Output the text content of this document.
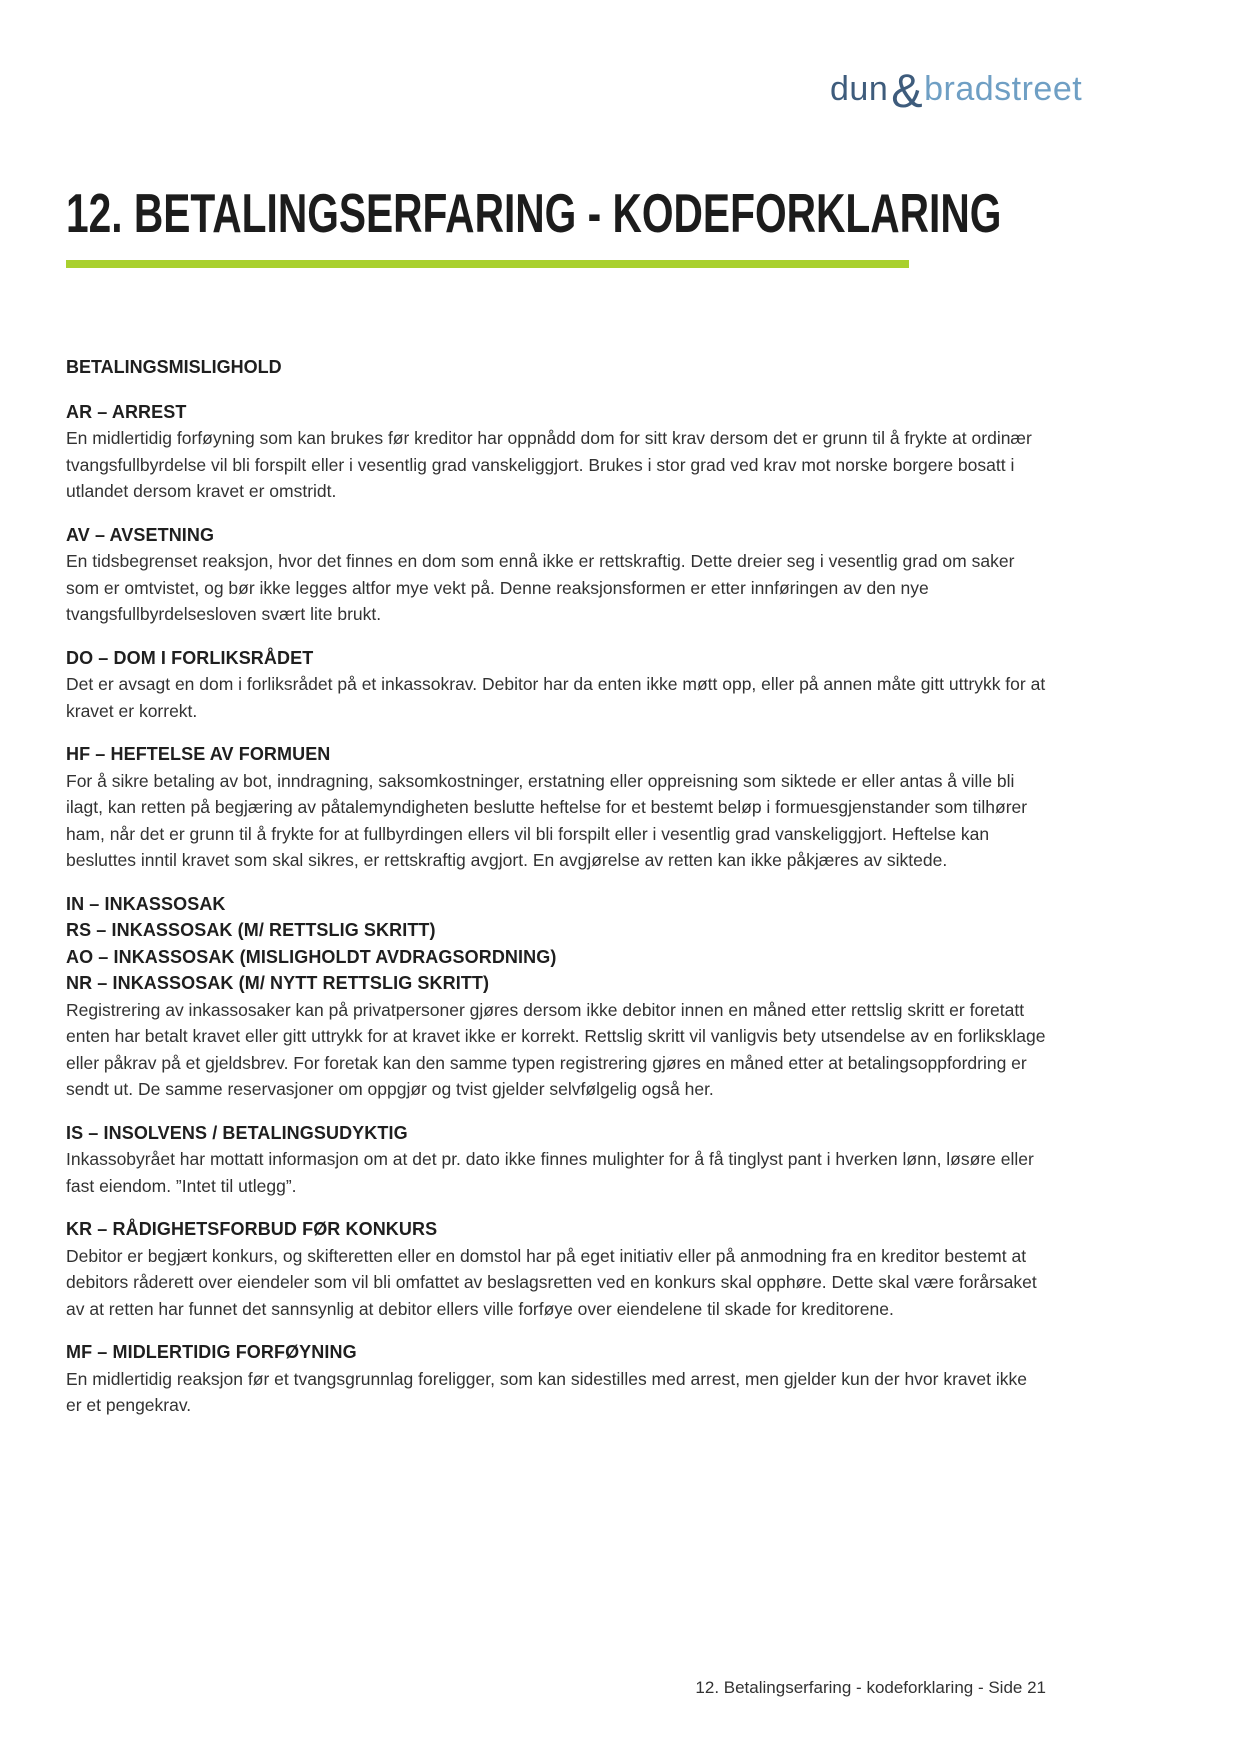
dun&bradstreet
12. BETALINGSERFARING - KODEFORKLARING
BETALINGSMISLIGHOLD
AR – ARREST

En midlertidig forføyning som kan brukes før kreditor har oppnådd dom for sitt krav dersom det er grunn til å frykte at ordinær tvangsfullbyrdelse vil bli forspilt eller i vesentlig grad vanskeliggjort. Brukes i stor grad ved krav mot norske borgere bosatt i utlandet dersom kravet er omstridt.

AV – AVSETNING

En tidsbegrenset reaksjon, hvor det finnes en dom som ennå ikke er rettskraftig. Dette dreier seg i vesentlig grad om saker som er omtvistet, og bør ikke legges altfor mye vekt på. Denne reaksjonsformen er etter innføringen av den nye tvangsfullbyrdelsesloven svært lite brukt.

DO – DOM I FORLIKSRÅDET

Det er avsagt en dom i forliksrådet på et inkassokrav. Debitor har da enten ikke møtt opp, eller på annen måte gitt uttrykk for at kravet er korrekt.

HF – HEFTELSE AV FORMUEN

For å sikre betaling av bot, inndragning, saksomkostninger, erstatning eller oppreisning som siktede er eller antas å ville bli ilagt, kan retten på begjæring av påtalemyndigheten beslutte heftelse for et bestemt beløp i formuesgjenstander som tilhører ham, når det er grunn til å frykte for at fullbyrdingen ellers vil bli forspilt eller i vesentlig grad vanskeliggjort. Heftelse kan besluttes inntil kravet som skal sikres, er rettskraftig avgjort. En avgjørelse av retten kan ikke påkjæres av siktede.

IN – INKASSOSAK
RS – INKASSOSAK (M/ RETTSLIG SKRITT)
AO – INKASSOSAK (MISLIGHOLDT AVDRAGSORDNING)
NR – INKASSOSAK (M/ NYTT RETTSLIG SKRITT)

Registrering av inkassosaker kan på privatpersoner gjøres dersom ikke debitor innen en måned etter rettslig skritt er foretatt enten har betalt kravet eller gitt uttrykk for at kravet ikke er korrekt. Rettslig skritt vil vanligvis bety utsendelse av en forliksklage eller påkrav på et gjeldsbrev. For foretak kan den samme typen registrering gjøres en måned etter at betalingsoppfordring er sendt ut. De samme reservasjoner om oppgjør og tvist gjelder selvfølgelig også her.

IS – INSOLVENS / BETALINGSUDYKTIG

Inkassobyrået har mottatt informasjon om at det pr. dato ikke finnes mulighter for å få tinglyst pant i hverken lønn, løsøre eller fast eiendom. ”Intet til utlegg”.

KR – RÅDIGHETSFORBUD FØR KONKURS

Debitor er begjært konkurs, og skifteretten eller en domstol har på eget initiativ eller på anmodning fra en kreditor bestemt at debitors råderett over eiendeler som vil bli omfattet av beslagsretten ved en konkurs skal opphøre. Dette skal være forårsaket av at retten har funnet det sannsynlig at debitor ellers ville forføye over eiendelene til skade for kreditorene.

MF – MIDLERTIDIG FORFØYNING

En midlertidig reaksjon før et tvangsgrunnlag foreligger, som kan sidestilles med arrest, men gjelder kun der hvor kravet ikke er et pengekrav.

12. Betalingserfaring - kodeforklaring - Side 21
